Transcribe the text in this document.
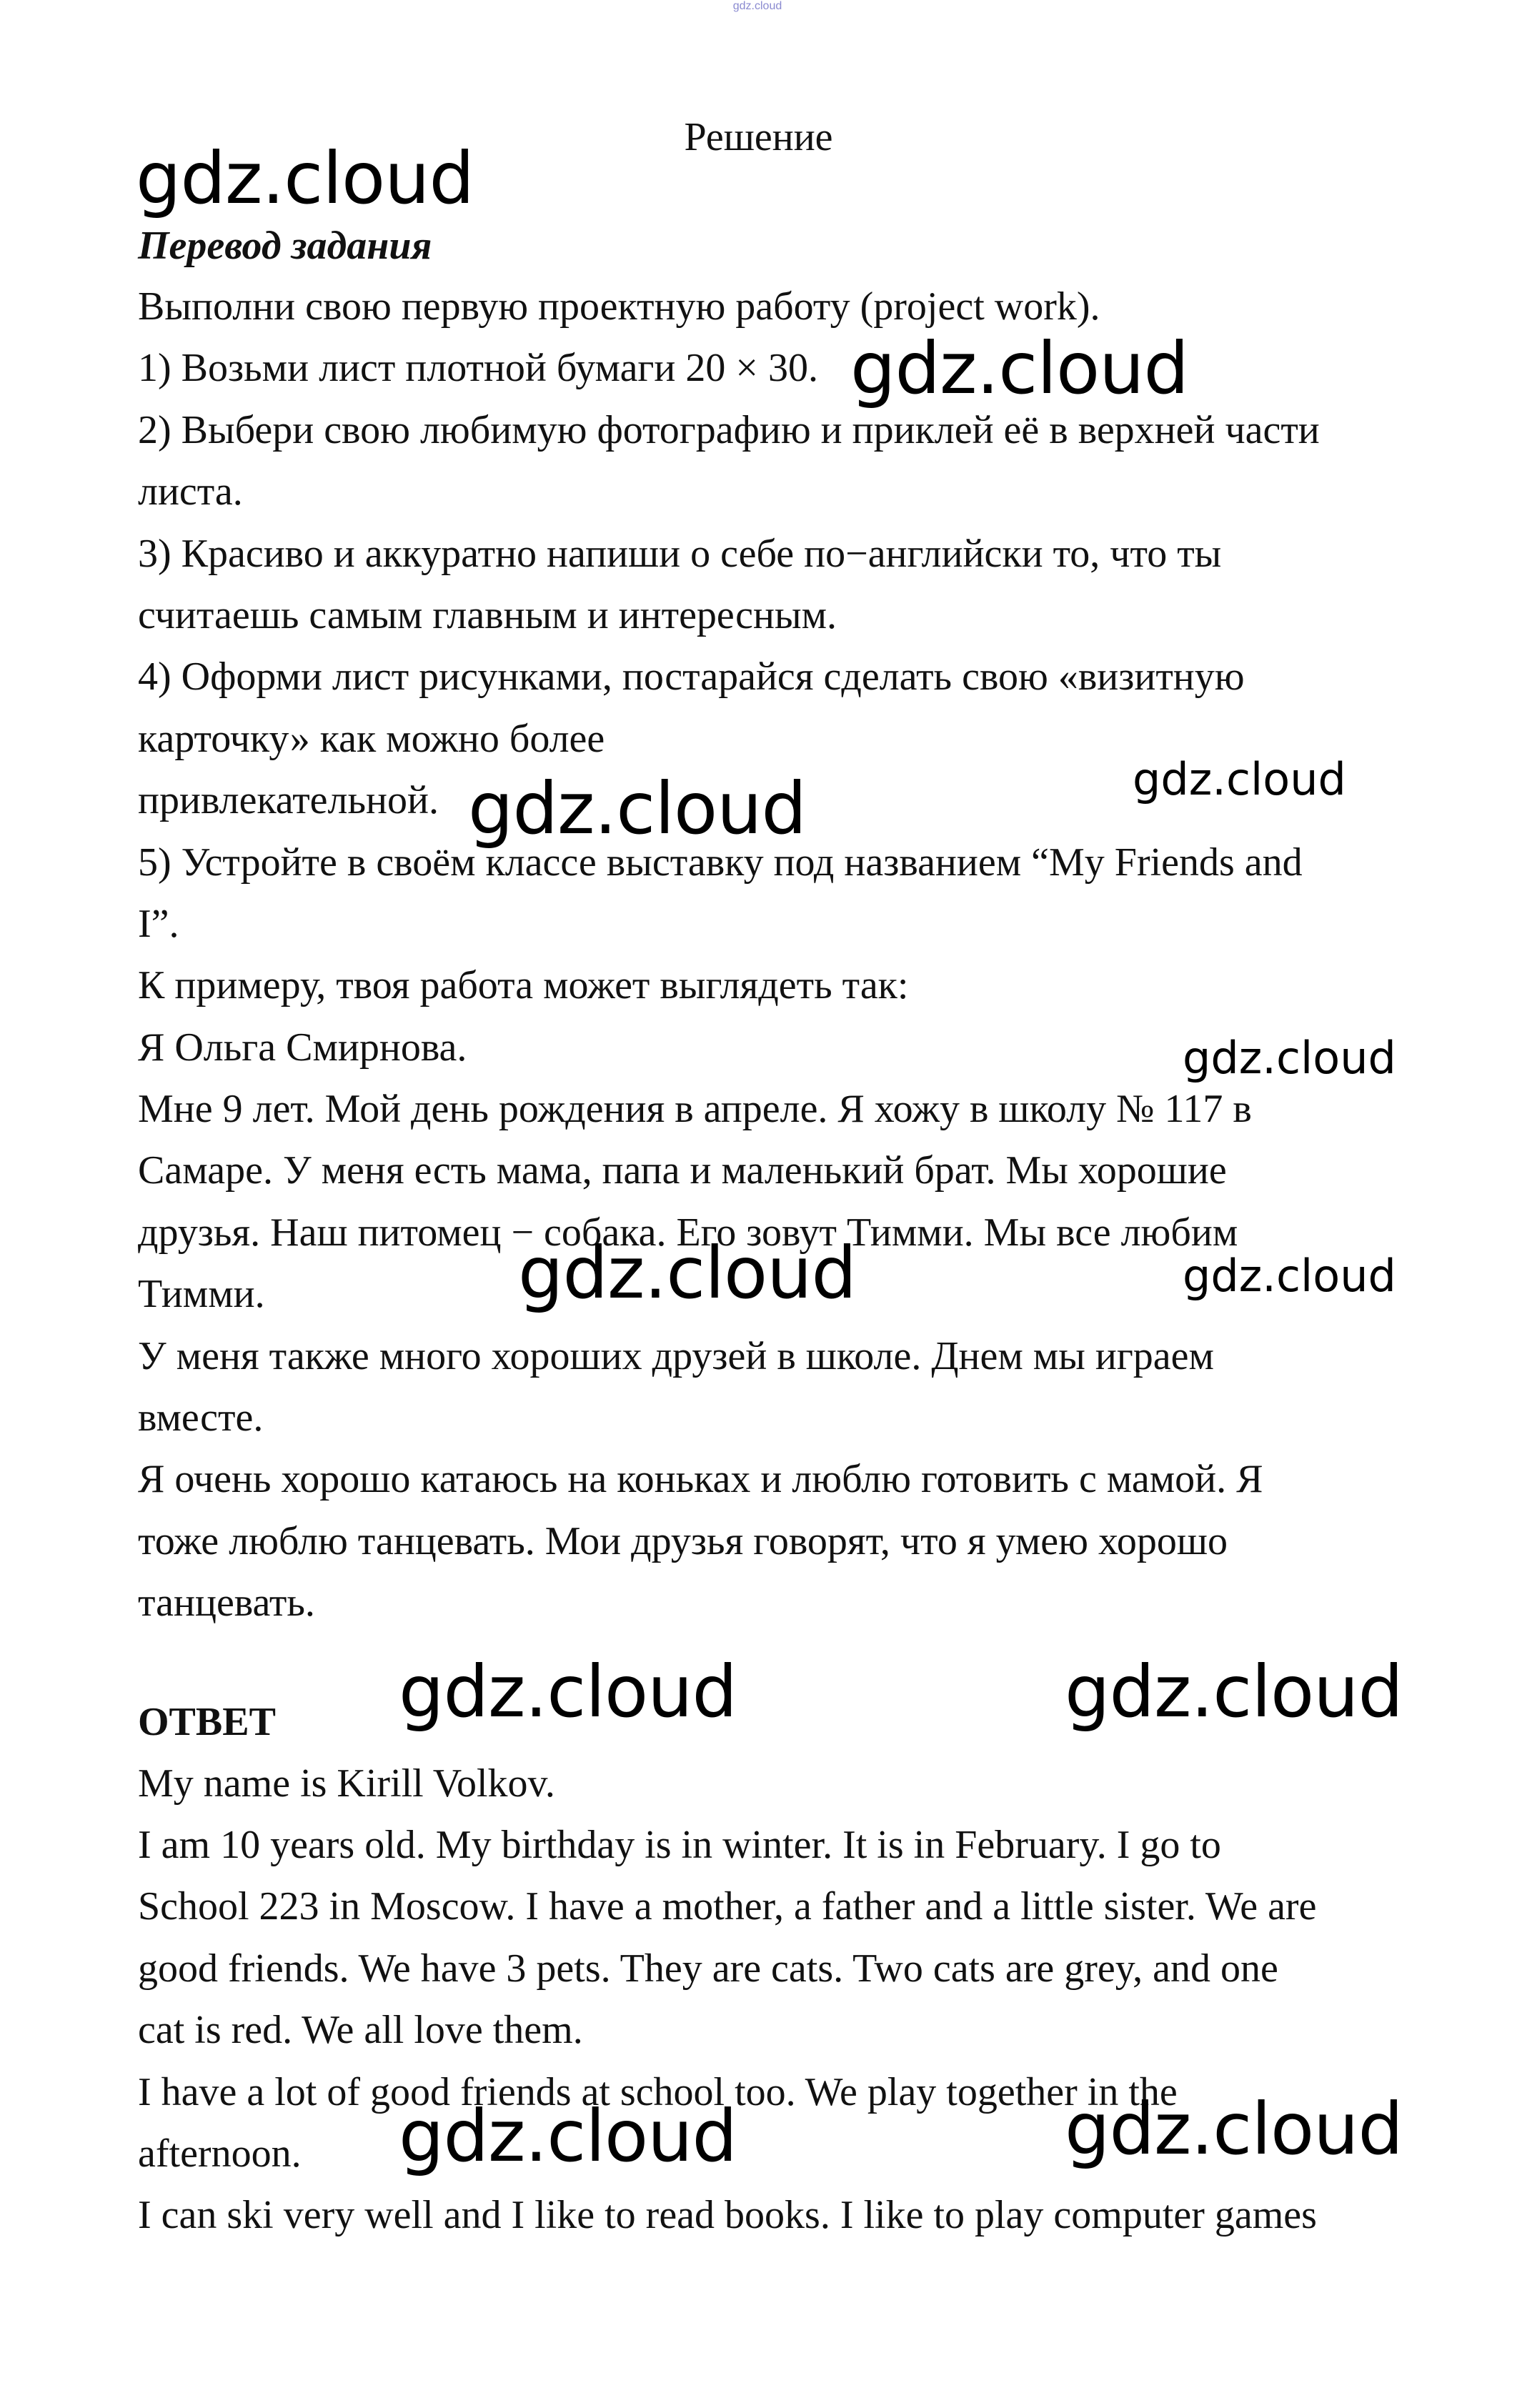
gdz.cloud
Решение
Перевод задания
Выполни свою первую проектную работу (project work).
1) Возьми лист плотной бумаги 20 × 30.
2) Выбери свою любимую фотографию и приклей её в верхней части
листа.
3) Красиво и аккуратно напиши о себе по−английски то, что ты
считаешь самым главным и интересным.
4) Оформи лист рисунками, постарайся сделать свою «визитную
карточку» как можно более
привлекательной.
5) Устройте в своём классе выставку под названием “My Friends and
I”.
К примеру, твоя работа может выглядеть так:
Я Ольга Смирнова.
Мне 9 лет. Мой день рождения в апреле. Я хожу в школу № 117 в
Самаре. У меня есть мама, папа и маленький брат. Мы хорошие
друзья. Наш питомец − собака. Его зовут Тимми. Мы все любим
Тимми.
У меня также много хороших друзей в школе. Днем мы играем
вместе.
Я очень хорошо катаюсь на коньках и люблю готовить с мамой. Я
тоже люблю танцевать. Мои друзья говорят, что я умею хорошо
танцевать.
ОТВЕТ
My name is Kirill Volkov.
I am 10 years old. My birthday is in winter. It is in February. I go to
School 223 in Moscow. I have a mother, a father and a little sister. We are
good friends. We have 3 pets. They are cats. Two cats are grey, and one
cat is red. We all love them.
I have a lot of good friends at school too. We play together in the
afternoon.
I can ski very well and I like to read books. I like to play computer games
gdz.cloud
gdz.cloud
gdz.cloud
gdz.cloud
gdz.cloud
gdz.cloud
gdz.cloud
gdz.cloud	gdz.cloud
gdz.cloud	gdz.cloud
